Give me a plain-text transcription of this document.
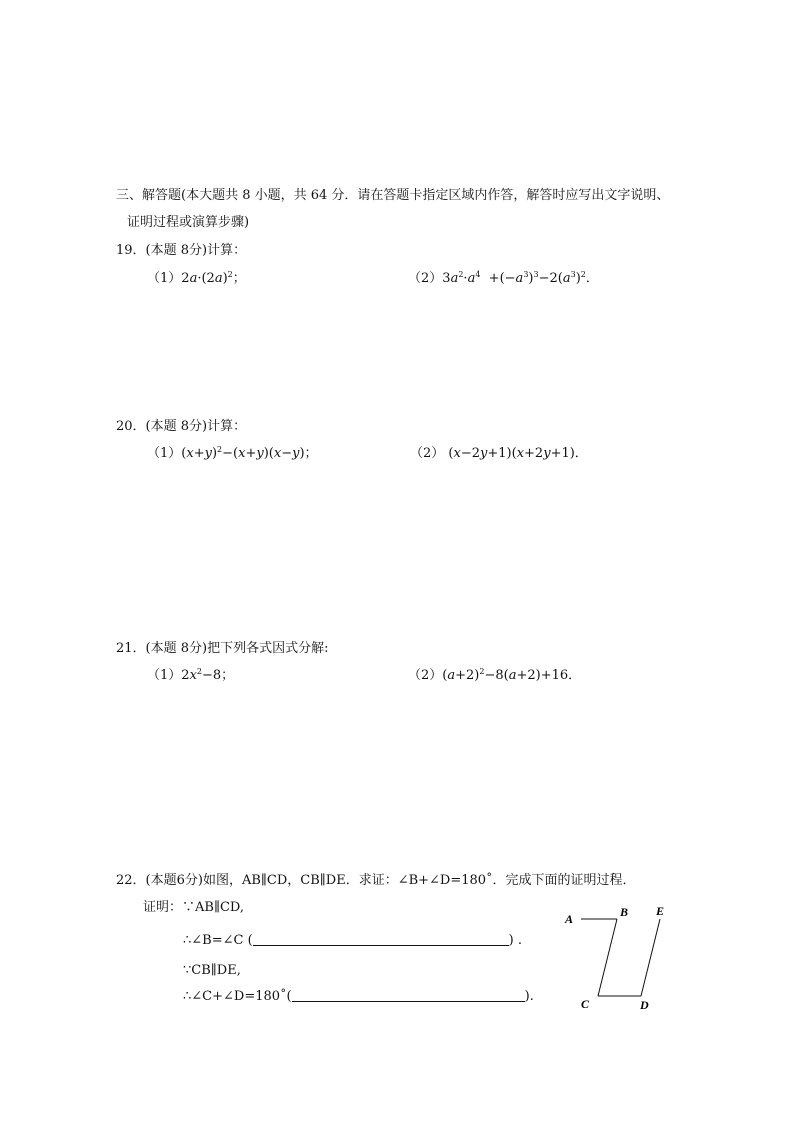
三、解答题(本大题共 8 小题，共 64 分．请在答题卡指定区域内作答，解答时应写出文字说明、
证明过程或演算步骤)
19．(本题 8分)计算：
$(1)2a\cdot(2a)^2$；	$(2)3a^2\cdot a^4 +(-a^3)^3-2(a^3)^2$．
20．(本题 8分)计算：
$(1)(x+y)^2-(x+y)(x-y)$；	（2） (x−2y+1)(x+2y+1)．
21．(本题 8分)把下列各式因式分解:
$(1)2x^2-8$；	$(2)(a+2)^2-8(a+2)+16$．
22．(本题6分)如图，AB∥CD，CB∥DE．求证：∠B+∠D=180˚．完成下面的证明过程．
证明：∵AB∥CD,
∴∠B=∠C (	) .
∵CB∥DE,
∴∠C+∠D=180˚(	).
A	B E
C	D
